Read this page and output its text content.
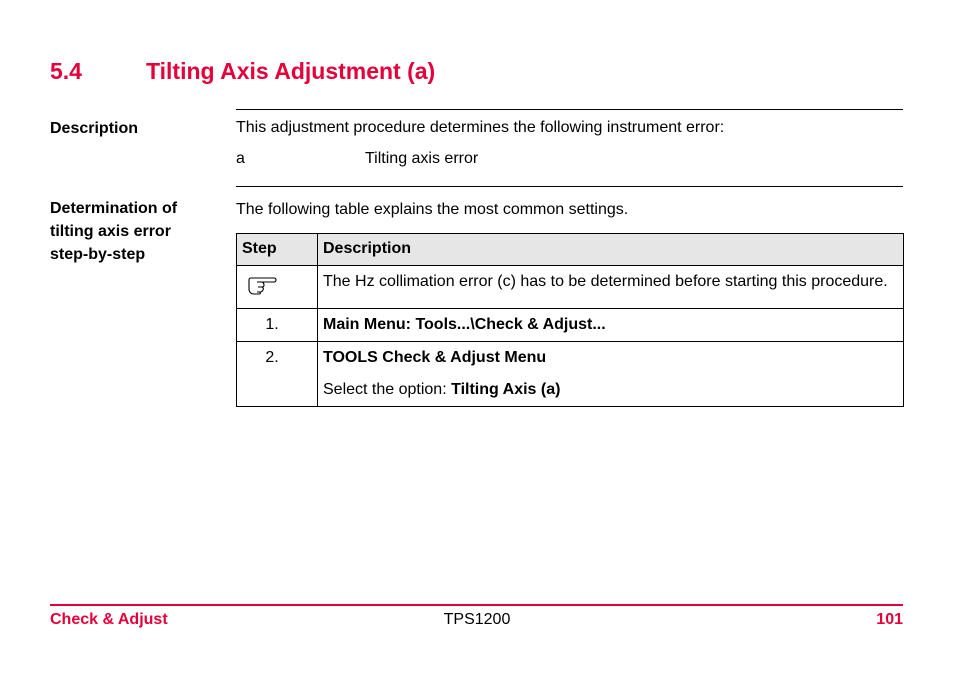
5.4	Tilting Axis Adjustment (a)
Description	This adjustment procedure determines the following instrument error:
a	Tilting axis error
Determination of tilting axis error step-by-step
The following table explains the most common settings.
Step	Description
	The Hz collimation error (c) has to be determined before starting this procedure.
1.	Main Menu: Tools...\Check & Adjust...
2.	TOOLS Check & Adjust Menu
Select the option: Tilting Axis (a)
Check & Adjust	TPS1200	101
